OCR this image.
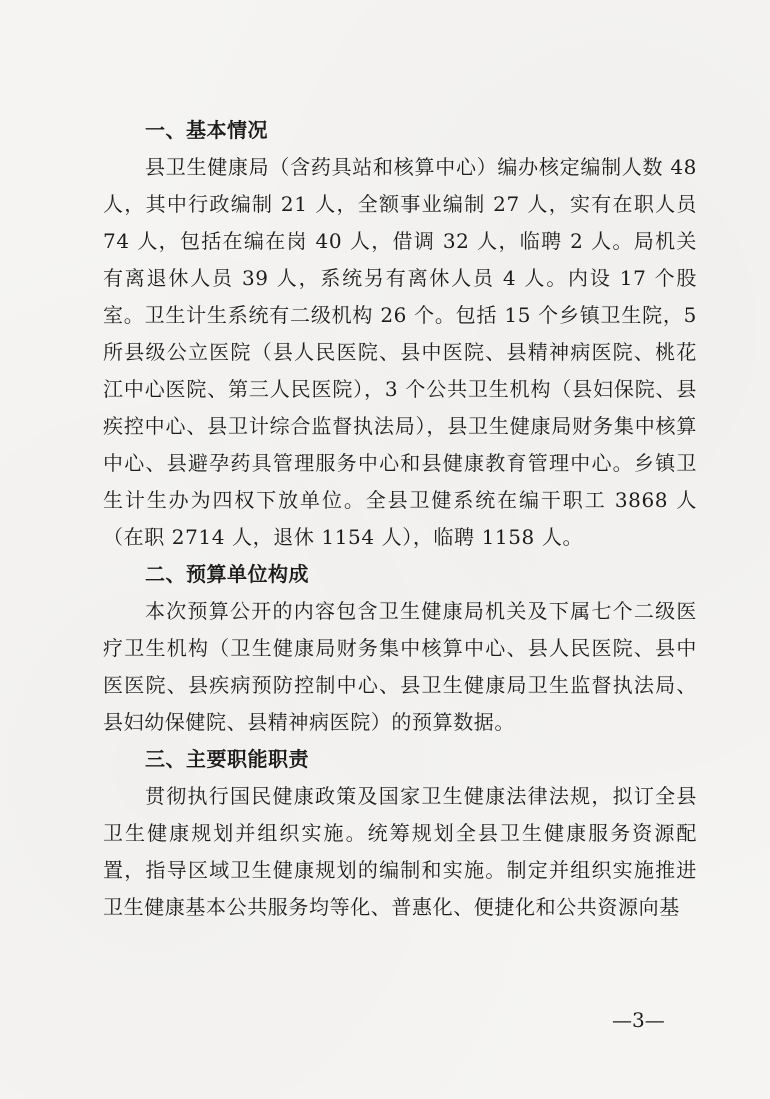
一、基本情况

县卫生健康局（含药具站和核算中心）编办核定编制人数 48 人，其中行政编制 21 人，全额事业编制 27 人，实有在职人员 74 人，包括在编在岗 40 人，借调 32 人，临聘 2 人。局机关有离退休人员 39 人，系统另有离休人员 4 人。内设 17 个股室。卫生计生系统有二级机构 26 个。包括 15 个乡镇卫生院，5 所县级公立医院（县人民医院、县中医院、县精神病医院、桃花江中心医院、第三人民医院），3 个公共卫生机构（县妇保院、县疾控中心、县卫计综合监督执法局），县卫生健康局财务集中核算中心、县避孕药具管理服务中心和县健康教育管理中心。乡镇卫生计生办为四权下放单位。全县卫健系统在编干职工 3868 人（在职 2714 人，退休 1154 人），临聘 1158 人。

二、预算单位构成

本次预算公开的内容包含卫生健康局机关及下属七个二级医疗卫生机构（卫生健康局财务集中核算中心、县人民医院、县中医医院、县疾病预防控制中心、县卫生健康局卫生监督执法局、县妇幼保健院、县精神病医院）的预算数据。

三、主要职能职责

贯彻执行国民健康政策及国家卫生健康法律法规，拟订全县卫生健康规划并组织实施。统筹规划全县卫生健康服务资源配置，指导区域卫生健康规划的编制和实施。制定并组织实施推进卫生健康基本公共服务均等化、普惠化、便捷化和公共资源向基

—3—
